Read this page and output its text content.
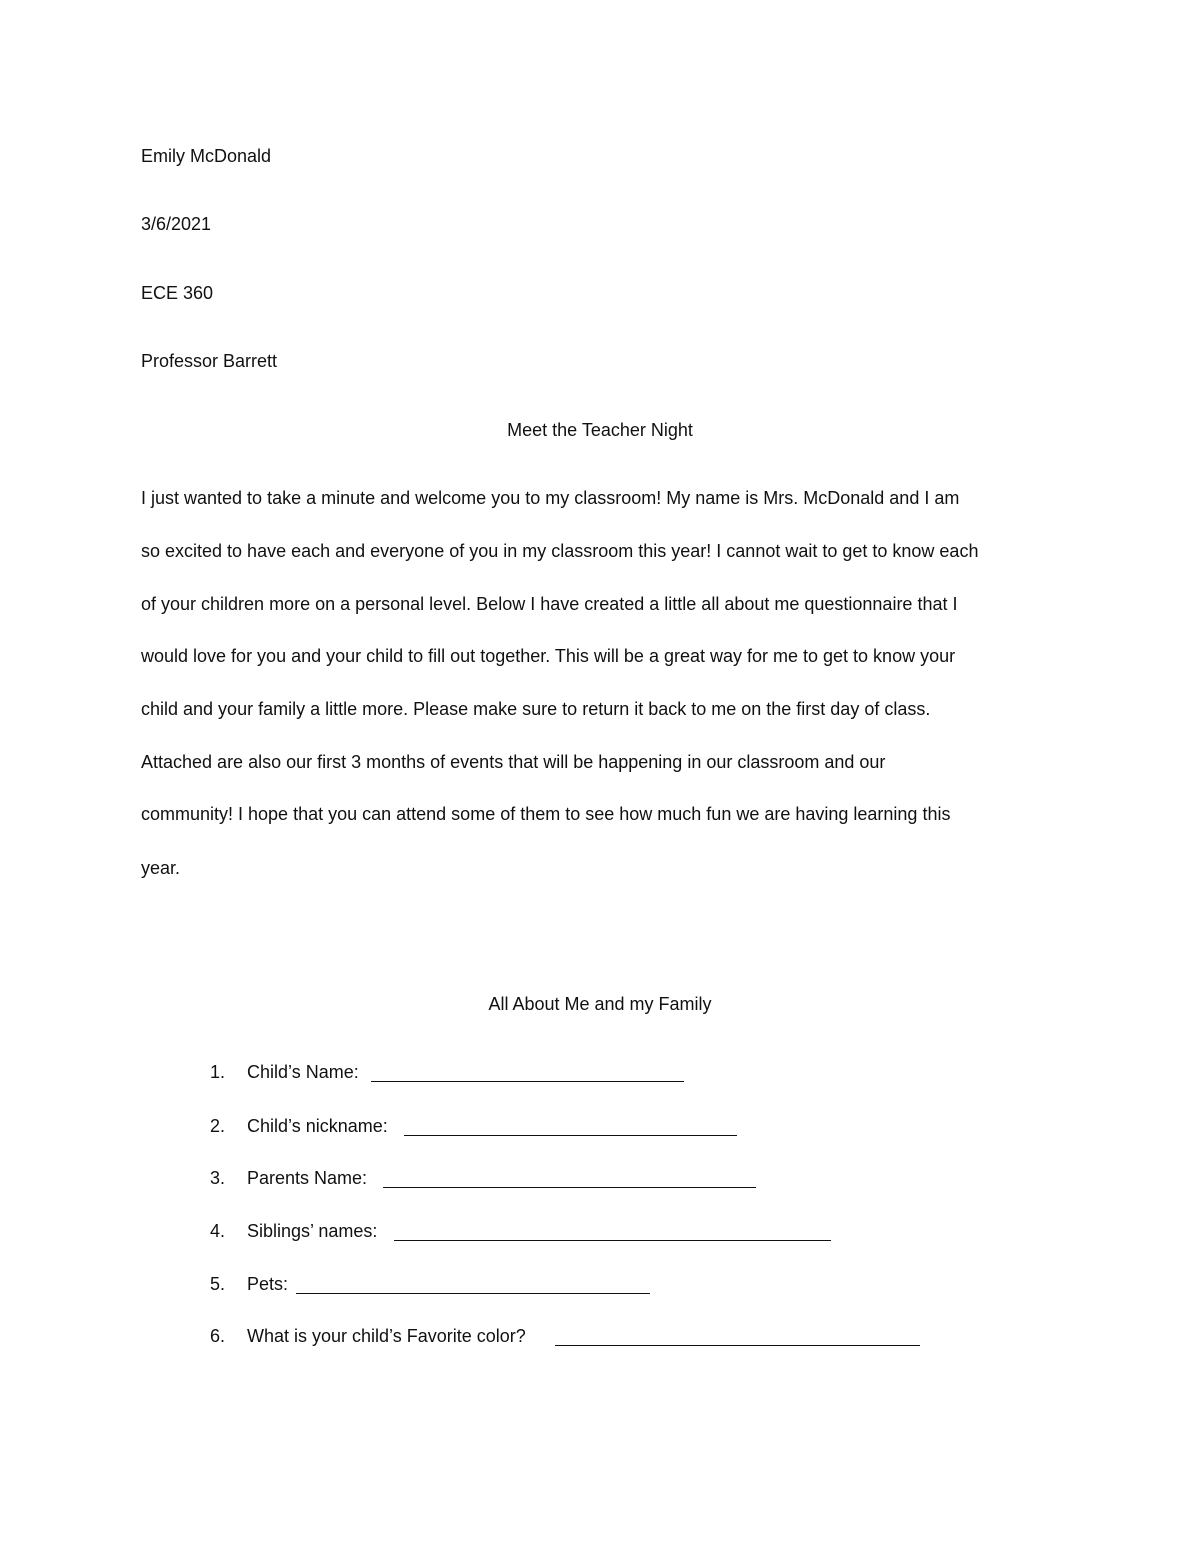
Emily McDonald
3/6/2021
ECE 360
Professor Barrett
Meet the Teacher Night
I just wanted to take a minute and welcome you to my classroom! My name is Mrs. McDonald and I am
so excited to have each and everyone of you in my classroom this year! I cannot wait to get to know each
of your children more on a personal level. Below I have created a little all about me questionnaire that I
would love for you and your child to fill out together. This will be a great way for me to get to know your
child and your family a little more. Please make sure to return it back to me on the first day of class.
Attached are also our first 3 months of events that will be happening in our classroom and our
community! I hope that you can attend some of them to see how much fun we are having learning this
year.
All About Me and my Family
1. Child’s Name:
2. Child’s nickname:
3. Parents Name:
4. Siblings’ names:
5. Pets:
6. What is your child’s Favorite color?
